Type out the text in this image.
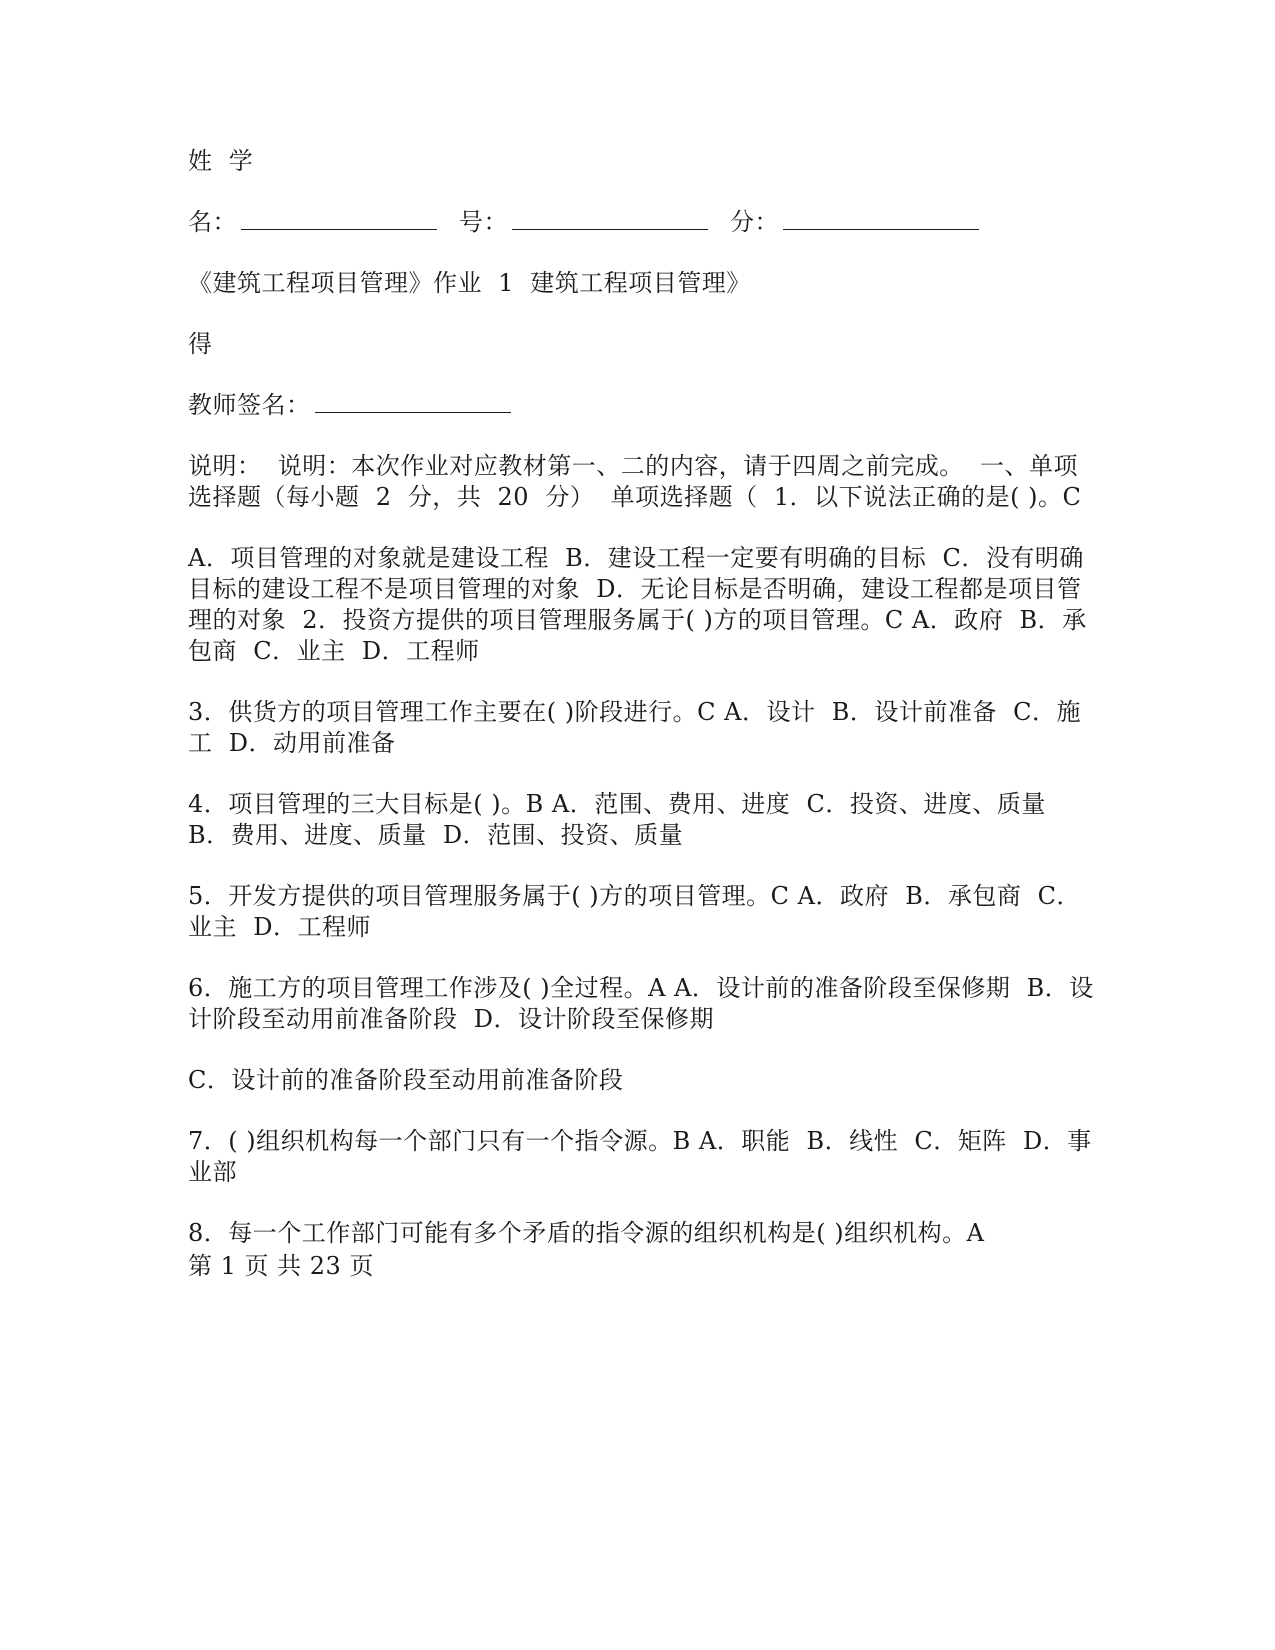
姓  学
名：	号：	分：
《建筑工程项目管理》作业  1  建筑工程项目管理》
得
教师签名：
说明：  说明：本次作业对应教材第一、二的内容，请于四周之前完成。  一、单项选择题（每小题  2  分，共  20  分）  单项选择题（  1．以下说法正确的是( )。C
A．项目管理的对象就是建设工程  B．建设工程一定要有明确的目标  C．没有明确目标的建设工程不是项目管理的对象  D．无论目标是否明确，建设工程都是项目管理的对象  2．投资方提供的项目管理服务属于( )方的项目管理。C A．政府  B．承包商  C．业主  D．工程师
3．供货方的项目管理工作主要在( )阶段进行。C A．设计  B．设计前准备  C．施工  D．动用前准备
4．项目管理的三大目标是( )。B A．范围、费用、进度  C．投资、进度、质量  B．费用、进度、质量  D．范围、投资、质量
5．开发方提供的项目管理服务属于( )方的项目管理。C A．政府  B．承包商  C．业主  D．工程师
6．施工方的项目管理工作涉及( )全过程。A A．设计前的准备阶段至保修期  B．设计阶段至动用前准备阶段  D．设计阶段至保修期
C．设计前的准备阶段至动用前准备阶段
7．( )组织机构每一个部门只有一个指令源。B A．职能  B．线性  C．矩阵  D．事业部
8．每一个工作部门可能有多个矛盾的指令源的组织机构是( )组织机构。A
第 1 页 共 23 页
